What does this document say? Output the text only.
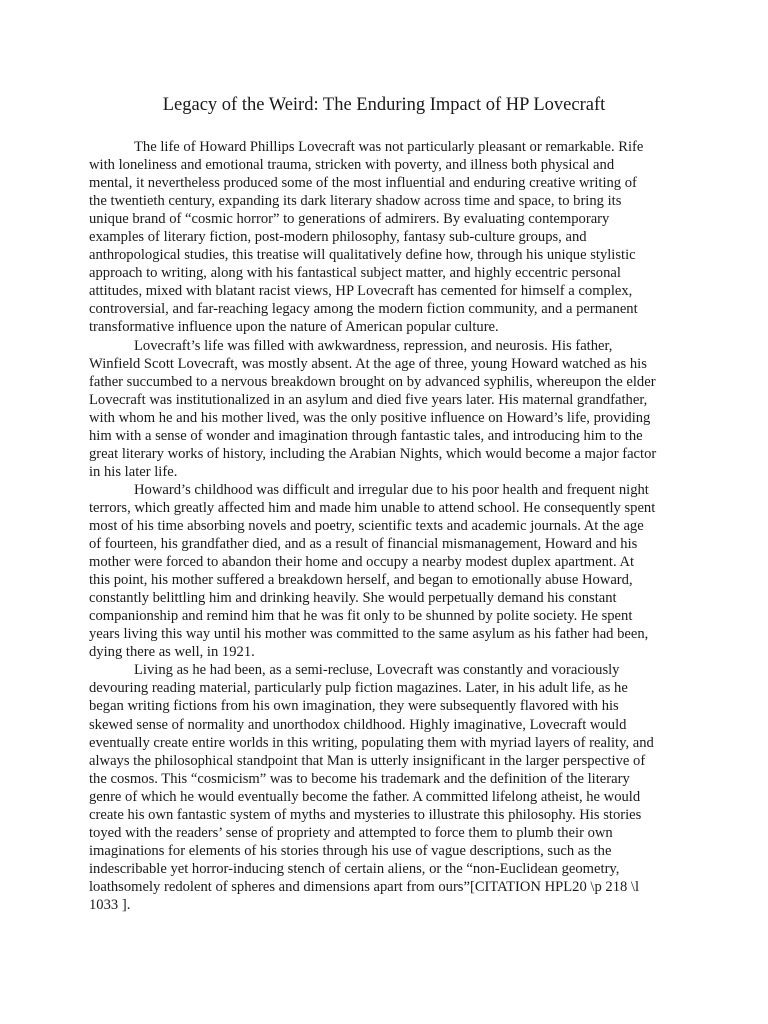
Legacy of the Weird: The Enduring Impact of HP Lovecraft
The life of Howard Phillips Lovecraft was not particularly pleasant or remarkable. Rife
with loneliness and emotional trauma, stricken with poverty, and illness both physical and
mental, it nevertheless produced some of the most influential and enduring creative writing of
the twentieth century, expanding its dark literary shadow across time and space, to bring its
unique brand of “cosmic horror” to generations of admirers. By evaluating contemporary
examples of literary fiction, post-modern philosophy, fantasy sub-culture groups, and
anthropological studies, this treatise will qualitatively define how, through his unique stylistic
approach to writing, along with his fantastical subject matter, and highly eccentric personal
attitudes, mixed with blatant racist views, HP Lovecraft has cemented for himself a complex,
controversial, and far-reaching legacy among the modern fiction community, and a permanent
transformative influence upon the nature of American popular culture.
Lovecraft’s life was filled with awkwardness, repression, and neurosis. His father,
Winfield Scott Lovecraft, was mostly absent. At the age of three, young Howard watched as his
father succumbed to a nervous breakdown brought on by advanced syphilis, whereupon the elder
Lovecraft was institutionalized in an asylum and died five years later. His maternal grandfather,
with whom he and his mother lived, was the only positive influence on Howard’s life, providing
him with a sense of wonder and imagination through fantastic tales, and introducing him to the
great literary works of history, including the Arabian Nights, which would become a major factor
in his later life.
Howard’s childhood was difficult and irregular due to his poor health and frequent night
terrors, which greatly affected him and made him unable to attend school. He consequently spent
most of his time absorbing novels and poetry, scientific texts and academic journals. At the age
of fourteen, his grandfather died, and as a result of financial mismanagement, Howard and his
mother were forced to abandon their home and occupy a nearby modest duplex apartment. At
this point, his mother suffered a breakdown herself, and began to emotionally abuse Howard,
constantly belittling him and drinking heavily. She would perpetually demand his constant
companionship and remind him that he was fit only to be shunned by polite society. He spent
years living this way until his mother was committed to the same asylum as his father had been,
dying there as well, in 1921.
Living as he had been, as a semi-recluse, Lovecraft was constantly and voraciously
devouring reading material, particularly pulp fiction magazines. Later, in his adult life, as he
began writing fictions from his own imagination, they were subsequently flavored with his
skewed sense of normality and unorthodox childhood. Highly imaginative, Lovecraft would
eventually create entire worlds in this writing, populating them with myriad layers of reality, and
always the philosophical standpoint that Man is utterly insignificant in the larger perspective of
the cosmos. This “cosmicism” was to become his trademark and the definition of the literary
genre of which he would eventually become the father. A committed lifelong atheist, he would
create his own fantastic system of myths and mysteries to illustrate this philosophy. His stories
toyed with the readers’ sense of propriety and attempted to force them to plumb their own
imaginations for elements of his stories through his use of vague descriptions, such as the
indescribable yet horror-inducing stench of certain aliens, or the “non-Euclidean geometry,
loathsomely redolent of spheres and dimensions apart from ours”[CITATION HPL20 \p 218 \l
1033 ].
